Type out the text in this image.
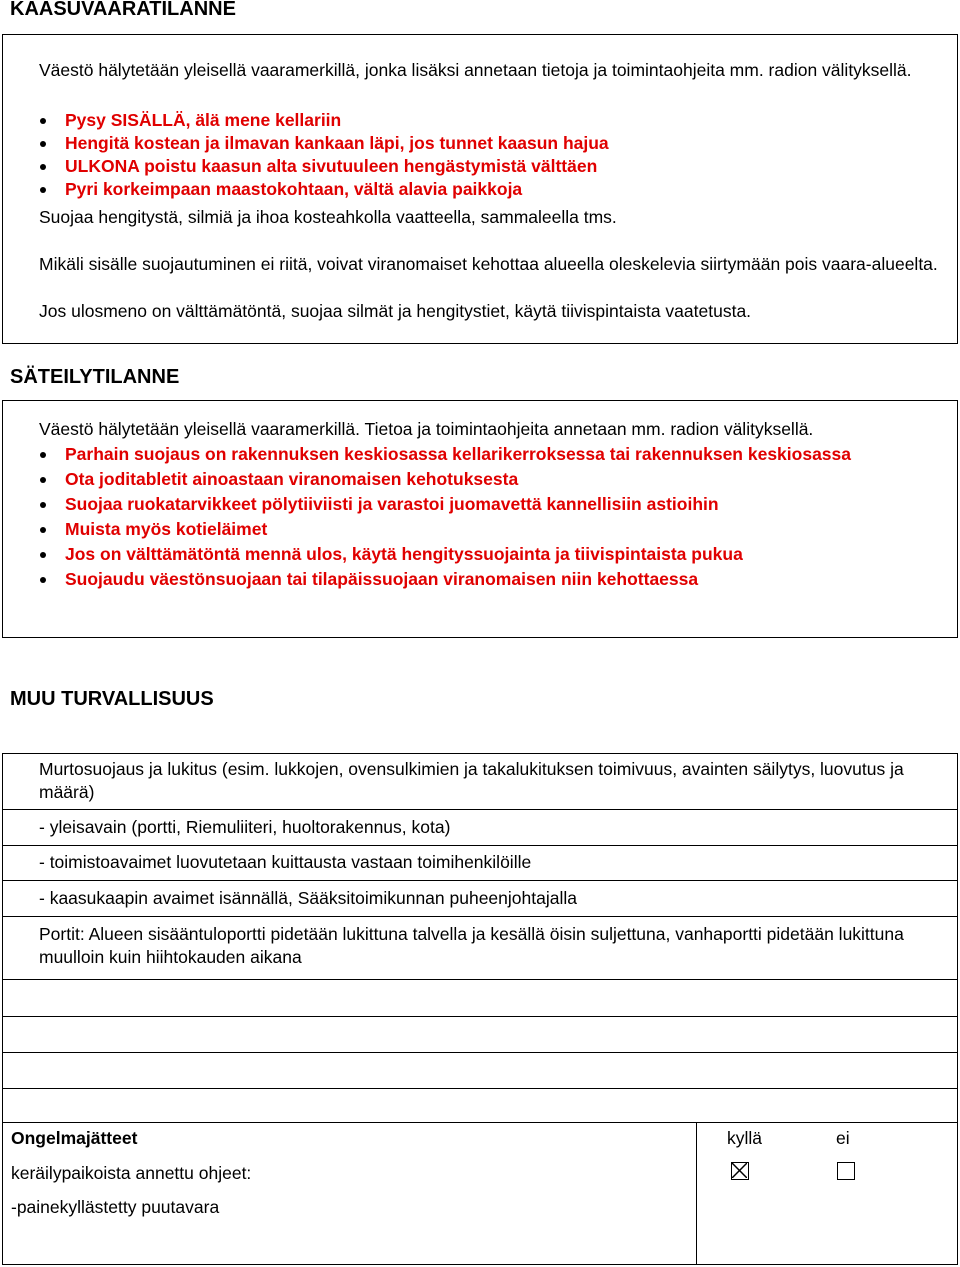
KAASUVAARATILANNE
Väestö hälytetään yleisellä vaaramerkillä, jonka lisäksi annetaan tietoja ja toimintaohjeita mm. radion välityksellä.
Pysy SISÄLLÄ, älä mene kellariin
Hengitä kostean ja ilmavan kankaan läpi, jos tunnet kaasun hajua
ULKONA poistu kaasun alta sivutuuleen hengästymistä välttäen
Pyri korkeimpaan maastokohtaan, vältä alavia paikkoja
Suojaa hengitystä, silmiä ja ihoa kosteahkolla vaatteella, sammaleella tms.
Mikäli sisälle suojautuminen ei riitä, voivat viranomaiset kehottaa alueella oleskelevia siirtymään pois vaara-alueelta.
Jos ulosmeno on välttämätöntä, suojaa silmät ja hengitystiet, käytä tiivispintaista vaatetusta.
SÄTEILYTILANNE
Väestö hälytetään yleisellä vaaramerkillä. Tietoa ja toimintaohjeita annetaan mm. radion välityksellä.
Parhain suojaus on rakennuksen keskiosassa kellarikerroksessa tai rakennuksen keskiosassa
Ota joditabletit ainoastaan viranomaisen kehotuksesta
Suojaa ruokatarvikkeet pölytiiviisti ja varastoi juomavettä kannellisiin astioihin
Muista myös kotieläimet
Jos on välttämätöntä mennä ulos, käytä hengityssuojainta ja tiivispintaista pukua
Suojaudu väestönsuojaan tai tilapäissuojaan viranomaisen niin kehottaessa
MUU TURVALLISUUS
Murtosuojaus ja lukitus (esim. lukkojen, ovensulkimien ja takalukituksen toimivuus, avainten säilytys, luovutus ja määrä)
- yleisavain (portti, Riemuliiteri, huoltorakennus, kota)
- toimistoavaimet luovutetaan kuittausta vastaan toimihenkilöille
- kaasukaapin avaimet isännällä, Sääksitoimikunnan puheenjohtajalla
Portit: Alueen sisääntuloportti pidetään lukittuna talvella ja kesällä öisin suljettuna, vanhaportti pidetään lukittuna muulloin kuin hiihtokauden aikana
Ongelmajätteet
keräilypaikoista annettu ohjeet:
-painekyllästetty puutavara
kyllä	ei
